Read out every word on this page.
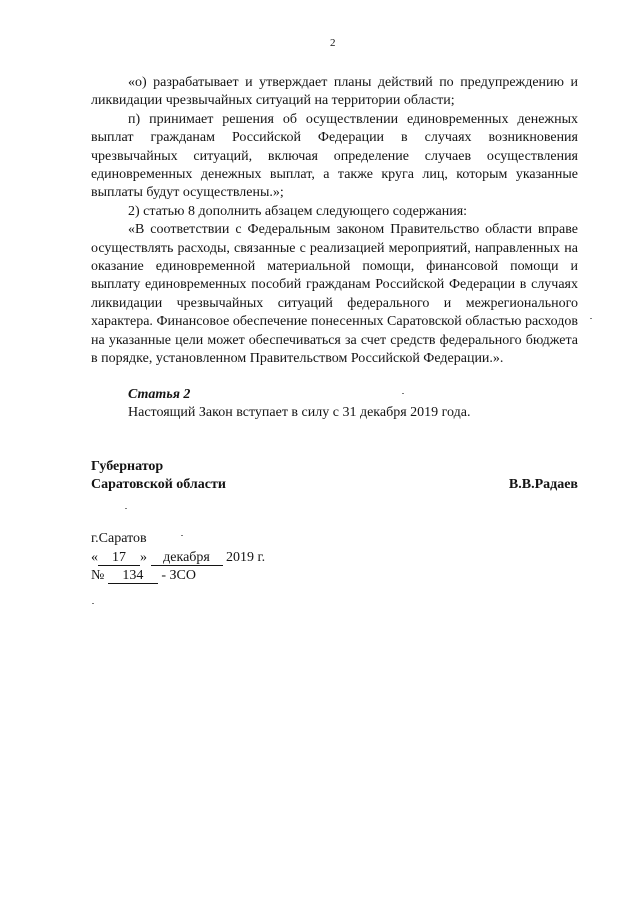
2

«о) разрабатывает и утверждает планы действий по предупреждению и ликвидации чрезвычайных ситуаций на территории области;

п) принимает решения об осуществлении единовременных денежных выплат гражданам Российской Федерации в случаях возникновения чрезвычайных ситуаций, включая определение случаев осуществления единовременных денежных выплат, а также круга лиц, которым указанные выплаты будут осуществлены.»;

2) статью 8 дополнить абзацем следующего содержания:

«В соответствии с Федеральным законом Правительство области вправе осуществлять расходы, связанные с реализацией мероприятий, направленных на оказание единовременной материальной помощи, финансовой помощи и выплату единовременных пособий гражданам Российской Федерации в случаях ликвидации чрезвычайных ситуаций федерального и межрегионального характера. Финансовое обеспечение понесенных Саратовской областью расходов на указанные цели может обеспечиваться за счет средств федерального бюджета в порядке, установленном Правительством Российской Федерации.».

Статья 2

Настоящий Закон вступает в силу с 31 декабря 2019 года.

Губернатор
Саратовской области	В.В.Радаев
г.Саратов
« 17 » декабря 2019 г.
№ 134 - ЗСО
